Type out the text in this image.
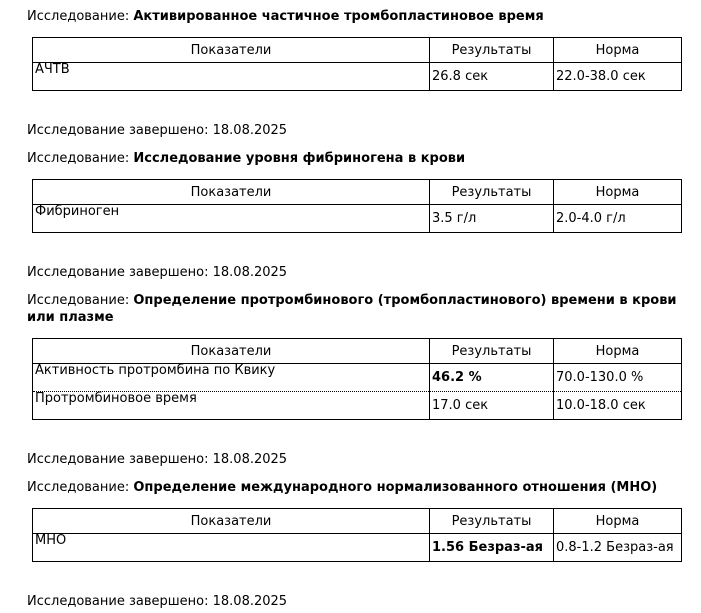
Исследование: Активированное частичное тромбопластиновое время
Показатели	Результаты	Норма
АЧТВ	26.8 сек	22.0-38.0 сек
Исследование завершено: 18.08.2025
Исследование: Исследование уровня фибриногена в крови
Показатели	Результаты	Норма
Фибриноген	3.5 г/л	2.0-4.0 г/л
Исследование завершено: 18.08.2025
Исследование: Определение протромбинового (тромбопластинового) времени в крови или плазме
Показатели	Результаты	Норма
Активность протромбина по Квику	46.2 %	70.0-130.0 %
Протромбиновое время	17.0 сек	10.0-18.0 сек
Исследование завершено: 18.08.2025
Исследование: Определение международного нормализованного отношения (МНО)
Показатели	Результаты	Норма
МНО	1.56 Безраз-ая	0.8-1.2 Безраз-ая
Исследование завершено: 18.08.2025
